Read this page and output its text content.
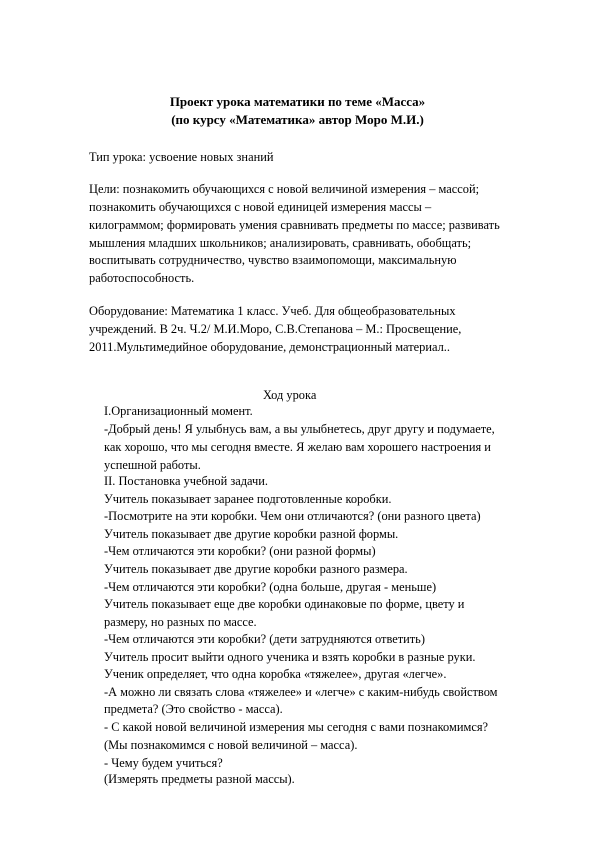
Проект урока математики по теме «Масса»
(по курсу «Математика» автор Моро М.И.)
Тип урока: усвоение новых знаний
Цели: познакомить обучающихся с новой величиной измерения – массой;
познакомить обучающихся с новой единицей измерения массы –
килограммом; формировать умения сравнивать предметы по массе; развивать
мышления младших школьников; анализировать, сравнивать, обобщать;
воспитывать сотрудничество, чувство взаимопомощи, максимальную
работоспособность.
Оборудование: Математика 1 класс. Учеб. Для общеобразовательных
учреждений. В 2ч. Ч.2/ М.И.Моро, С.В.Степанова – М.: Просвещение,
2011.Мультимедийное оборудование, демонстрационный материал..
Ход урока
I.Организационный момент.
-Добрый день! Я улыбнусь вам, а вы улыбнетесь, друг другу и подумаете,
как хорошо, что мы сегодня вместе. Я желаю вам хорошего настроения и
успешной работы.
II. Постановка учебной задачи.
Учитель показывает заранее подготовленные коробки.
-Посмотрите на эти коробки. Чем они отличаются? (они разного цвета)
Учитель показывает две другие коробки разной формы.
-Чем отличаются эти коробки? (они разной формы)
Учитель показывает две другие коробки разного размера.
-Чем отличаются эти коробки? (одна больше, другая - меньше)
Учитель показывает еще две коробки одинаковые по форме, цвету и
размеру, но разных по массе.
-Чем отличаются эти коробки? (дети затрудняются ответить)
Учитель просит выйти одного ученика и взять коробки в разные руки.
Ученик определяет, что одна коробка «тяжелее», другая «легче».
-А можно ли связать слова «тяжелее» и «легче» с каким-нибудь свойством
предмета? (Это свойство - масса).
- С какой новой величиной измерения мы сегодня с вами познакомимся?
(Мы познакомимся с новой величиной – масса).
- Чему будем учиться?
(Измерять предметы разной массы).
